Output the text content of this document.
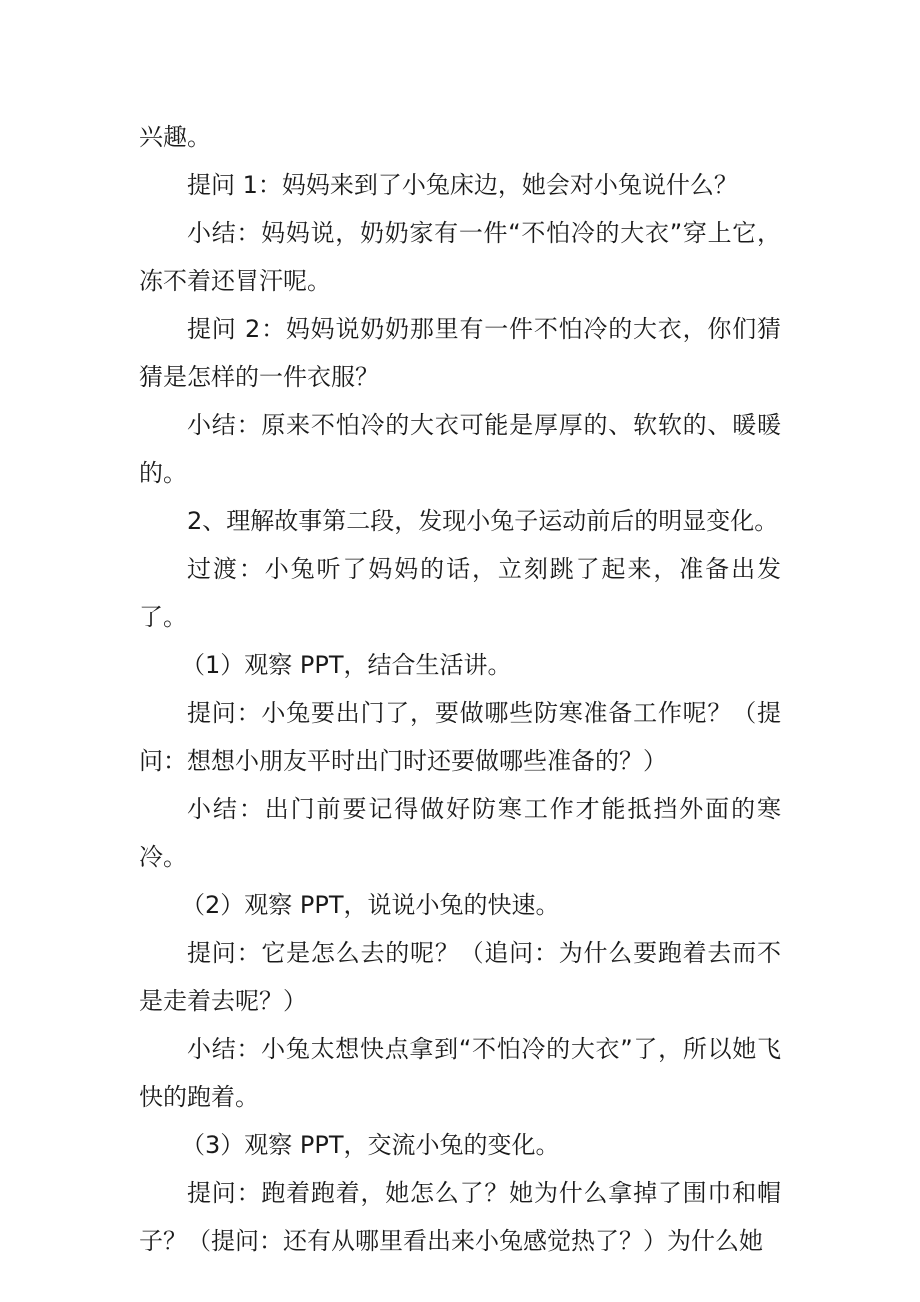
兴趣。

提问 1：妈妈来到了小兔床边，她会对小兔说什么？

小结：妈妈说，奶奶家有一件“不怕冷的大衣”穿上它，冻不着还冒汗呢。

提问 2：妈妈说奶奶那里有一件不怕冷的大衣，你们猜猜是怎样的一件衣服？

小结：原来不怕冷的大衣可能是厚厚的、软软的、暖暖的。

2、理解故事第二段，发现小兔子运动前后的明显变化。

过渡：小兔听了妈妈的话，立刻跳了起来，准备出发了。

（1）观察 PPT，结合生活讲。

提问：小兔要出门了，要做哪些防寒准备工作呢？（提问：想想小朋友平时出门时还要做哪些准备的？）

小结：出门前要记得做好防寒工作才能抵挡外面的寒冷。

（2）观察 PPT，说说小兔的快速。

提问：它是怎么去的呢？（追问：为什么要跑着去而不是走着去呢？）

小结：小兔太想快点拿到“不怕冷的大衣”了，所以她飞快的跑着。

（3）观察 PPT，交流小兔的变化。

提问：跑着跑着，她怎么了？她为什么拿掉了围巾和帽子？（提问：还有从哪里看出来小兔感觉热了？）为什么她
